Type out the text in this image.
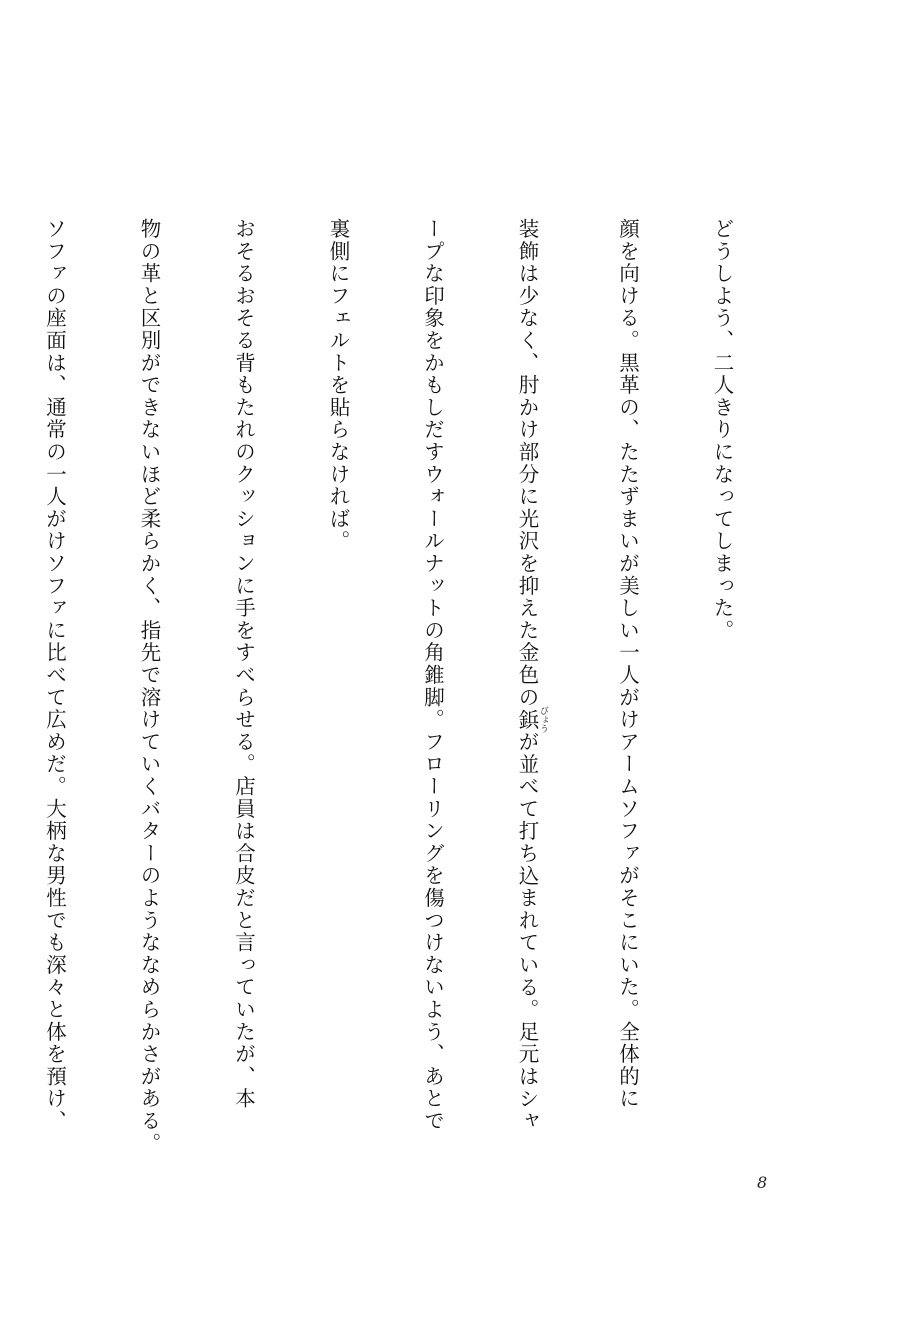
どうしよう、二人きりになってしまった。

顔を向ける。黒革の、たたずまいが美しい一人がけアームソファがそこにいた。全体的に

装飾は少なく、肘かけ部分に光沢を抑えた金色の鋲 びょうが並べて打ち込まれている。足元はシャ

ープな印象をかもしだすウォールナットの角錐脚。フローリングを傷つけないよう、あとで

裏側にフェルトを貼らなければ。

おそるおそる背もたれのクッションに手をすべらせる。店員は合皮だと言っていたが、本

物の革と区別ができないほど柔らかく、指先で溶けていくバターのようななめらかさがある。

ソファの座面は、通常の一人がけソファに比べて広めだ。大柄な男性でも深々と体を預け、

8
